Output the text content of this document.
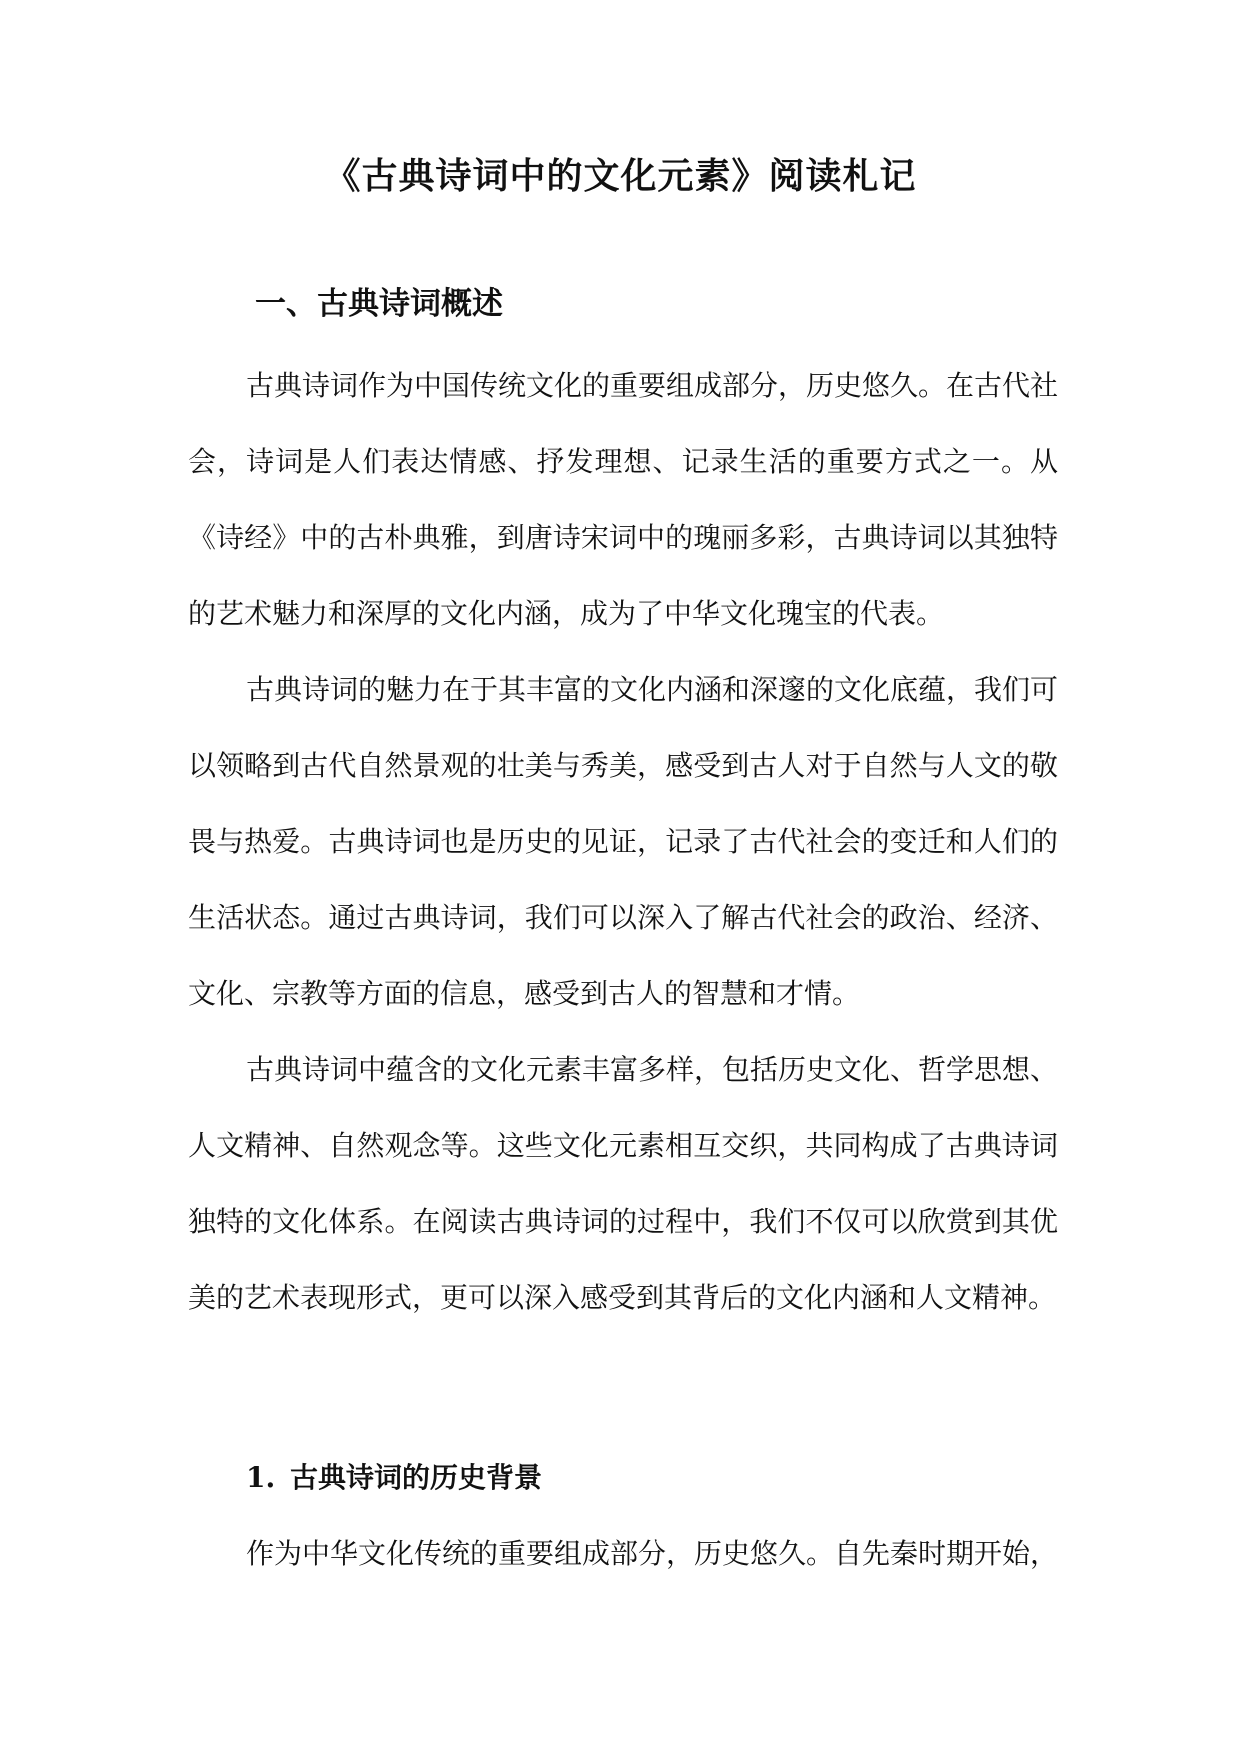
《古典诗词中的文化元素》阅读札记
一、古典诗词概述

古典诗词作为中国传统文化的重要组成部分，历史悠久。在古代社会，诗词是人们表达情感、抒发理想、记录生活的重要方式之一。从《诗经》中的古朴典雅，到唐诗宋词中的瑰丽多彩，古典诗词以其独特的艺术魅力和深厚的文化内涵，成为了中华文化瑰宝的代表。

古典诗词的魅力在于其丰富的文化内涵和深邃的文化底蕴，我们可以领略到古代自然景观的壮美与秀美，感受到古人对于自然与人文的敬畏与热爱。古典诗词也是历史的见证，记录了古代社会的变迁和人们的生活状态。通过古典诗词，我们可以深入了解古代社会的政治、经济、文化、宗教等方面的信息，感受到古人的智慧和才情。

古典诗词中蕴含的文化元素丰富多样，包括历史文化、哲学思想、人文精神、自然观念等。这些文化元素相互交织，共同构成了古典诗词独特的文化体系。在阅读古典诗词的过程中，我们不仅可以欣赏到其优美的艺术表现形式，更可以深入感受到其背后的文化内涵和人文精神。

1. 古典诗词的历史背景

作为中华文化传统的重要组成部分，历史悠久。自先秦时期开始，
